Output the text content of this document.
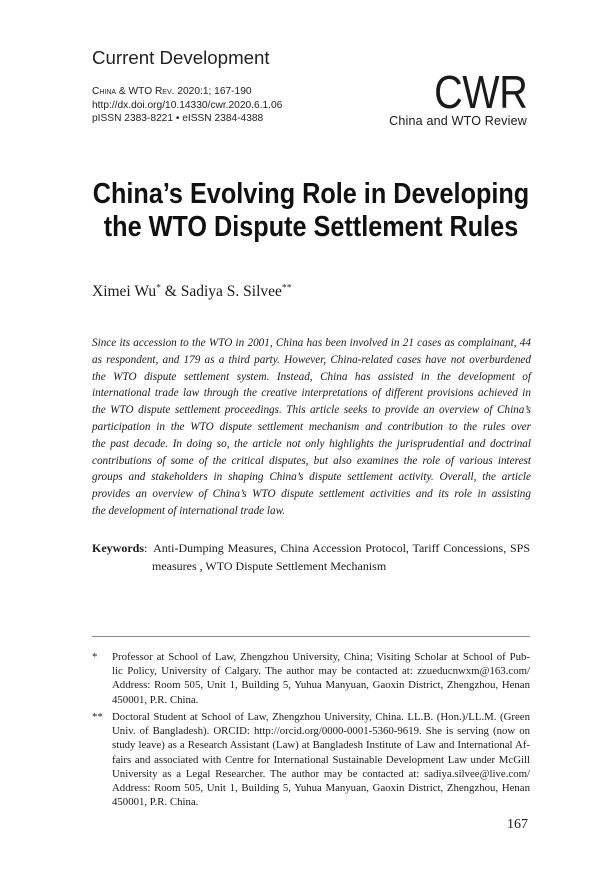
Current Development
China & WTO Rev. 2020:1; 167-190
http://dx.doi.org/10.14330/cwr.2020.6.1.06
pISSN 2383-8221 • eISSN 2384-4388
CWR
China and WTO Review
China’s Evolving Role in Developing
the WTO Dispute Settlement Rules
Ximei Wu* & Sadiya S. Silvee**
Since its accession to the WTO in 2001, China has been involved in 21 cases as complainant, 44
as respondent, and 179 as a third party. However, China-related cases have not overburdened
the WTO dispute settlement system. Instead, China has assisted in the development of
international trade law through the creative interpretations of different provisions achieved in
the WTO dispute settlement proceedings. This article seeks to provide an overview of China’s
participation in the WTO dispute settlement mechanism and contribution to the rules over
the past decade. In doing so, the article not only highlights the jurisprudential and doctrinal
contributions of some of the critical disputes, but also examines the role of various interest
groups and stakeholders in shaping China’s dispute settlement activity. Overall, the article
provides an overview of China’s WTO dispute settlement activities and its role in assisting
the development of international trade law.
Keywords: Anti-Dumping Measures, China Accession Protocol, Tariff Concessions, SPS
measures , WTO Dispute Settlement Mechanism
* Professor at School of Law, Zhengzhou University, China; Visiting Scholar at School of Pub-
lic Policy, University of Calgary. The author may be contacted at: zzueducnwxm@163.com/
Address: Room 505, Unit 1, Building 5, Yuhua Manyuan, Gaoxin District, Zhengzhou, Henan
450001, P.R. China.
** Doctoral Student at School of Law, Zhengzhou University, China. LL.B. (Hon.)/LL.M. (Green
Univ. of Bangladesh). ORCID: http://orcid.org/0000-0001-5360-9619. She is serving (now on
study leave) as a Research Assistant (Law) at Bangladesh Institute of Law and International Af-
fairs and associated with Centre for International Sustainable Development Law under McGill
University as a Legal Researcher. The author may be contacted at: sadiya.silvee@live.com/
Address: Room 505, Unit 1, Building 5, Yuhua Manyuan, Gaoxin District, Zhengzhou, Henan
450001, P.R. China.
167
